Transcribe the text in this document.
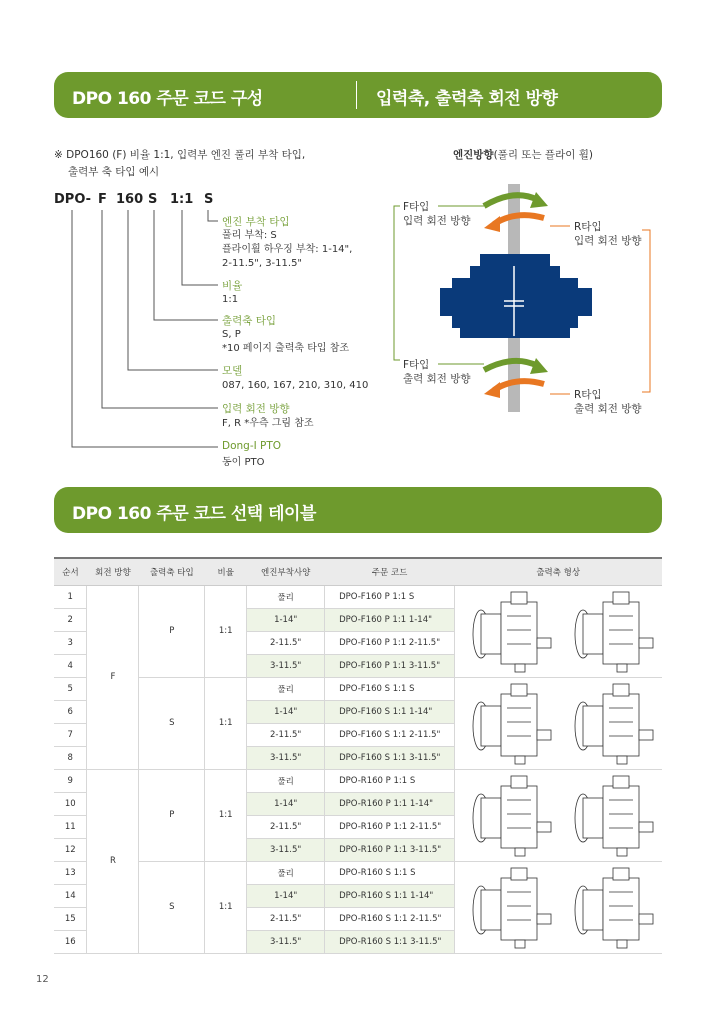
DPO 160 주문 코드 구성	입력축, 출력축 회전 방향
※ DPO160 (F) 비율 1:1, 입력부 엔진 풀리 부착 타입,
출력부 축 타입 예시
DPO- F 160 S 1:1 S
엔진 부착 타입
풀리 부착: S
플라이휠 하우징 부착: 1-14",
2-11.5", 3-11.5"
비율
1:1
출력축 타입
S, P
*10 페이지 출력축 타입 참조
모델
087, 160, 167, 210, 310, 410
입력 회전 방향
F, R *우측 그림 참조
Dong-I PTO
동이 PTO
엔진방향(풀리 또는 플라이 휠)
F타입
입력 회전 방향	R타입
입력 회전 방향
F타입
출력 회전 방향
R타입
출력 회전 방향
DPO 160 주문 코드 선택 테이블
순서	회전 방향	출력축 타입	비율	엔진부착사양	주문 코드	출력축 형상
1	F	P	1:1	풀리	DPO-F160 P 1:1 S	

2				1-14"	DPO-F160 P 1:1 1-14"	
3				2-11.5"	DPO-F160 P 1:1 2-11.5"	
4				3-11.5"	DPO-F160 P 1:1 3-11.5"	
5		S	1:1	풀리	DPO-F160 S 1:1 S	

6				1-14"	DPO-F160 S 1:1 1-14"	
7				2-11.5"	DPO-F160 S 1:1 2-11.5"	
8				3-11.5"	DPO-F160 S 1:1 3-11.5"	
9	R	P	1:1	풀리	DPO-R160 P 1:1 S	

10				1-14"	DPO-R160 P 1:1 1-14"	
11				2-11.5"	DPO-R160 P 1:1 2-11.5"	
12				3-11.5"	DPO-R160 P 1:1 3-11.5"	
13		S	1:1	풀리	DPO-R160 S 1:1 S	

14				1-14"	DPO-R160 S 1:1 1-14"	
15				2-11.5"	DPO-R160 S 1:1 2-11.5"	
16				3-11.5"	DPO-R160 S 1:1 3-11.5"	
12
